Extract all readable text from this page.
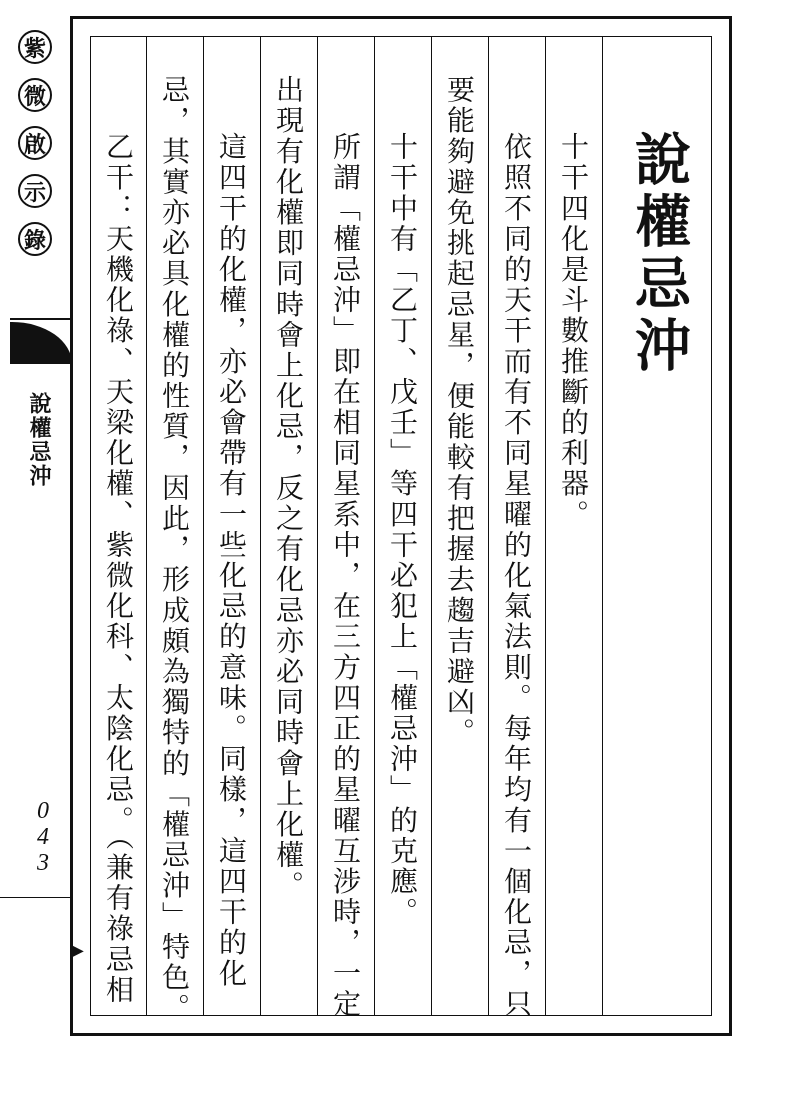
紫
微
啟
示
錄
說權忌沖
043
說權忌沖
十干四化是斗數推斷的利器。
依照不同的天干而有不同星曜的化氣法則。每年均有一個化忌，只
要能夠避免挑起忌星，便能較有把握去趨吉避凶。
十干中有「乙丁、戊壬」等四干必犯上「權忌沖」的克應。
所謂「權忌沖」即在相同星系中，在三方四正的星曜互涉時，一定
出現有化權即同時會上化忌，反之有化忌亦必同時會上化權。
這四干的化權，亦必會帶有一些化忌的意味。同樣，這四干的化
忌，其實亦必具化權的性質，因此，形成頗為獨特的「權忌沖」特色。
乙干：天機化祿、天梁化權、紫微化科、太陰化忌。（兼有祿忌相
▶
